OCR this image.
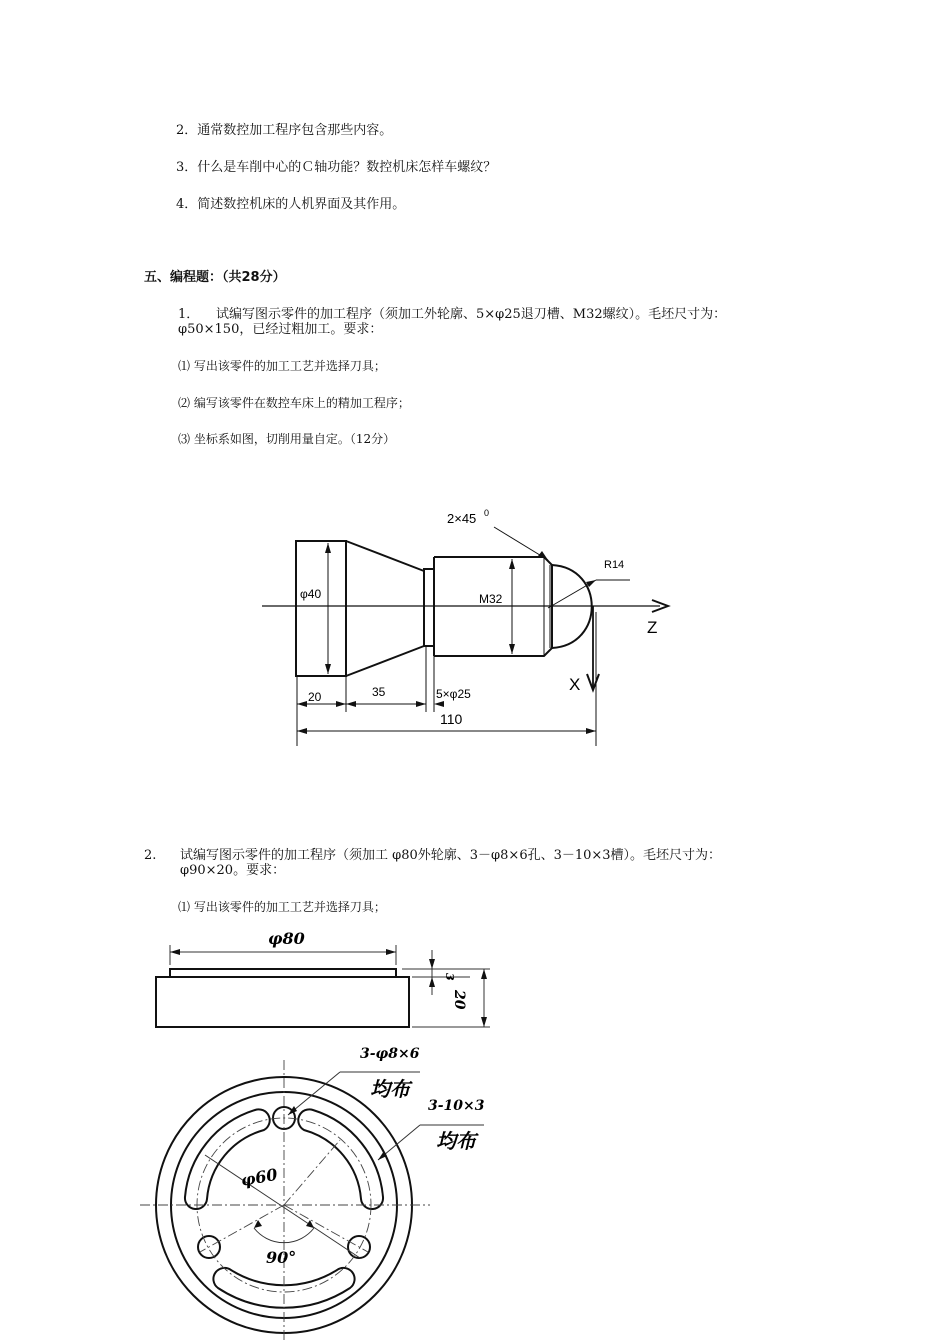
2．通常数控加工程序包含那些内容。
3．什么是车削中心的Ｃ轴功能？数控机床怎样车螺纹？
4．简述数控机床的人机界面及其作用。
五、编程题：（共28分）
1． 试编写图示零件的加工程序（须加工外轮廓、5×φ25退刀槽、M32螺纹）。毛坯尺寸为：
φ50×150，已经过粗加工。要求：
⑴ 写出该零件的加工工艺并选择刀具；
⑵ 编写该零件在数控车床上的精加工程序；
⑶ 坐标系如图，切削用量自定。（12分）
2×45 0
R14
φ40	M32
Z
X
20	35	5×φ25
110
2. 试编写图示零件的加工程序（须加工 φ80外轮廓、3－φ8×6孔、3－10×3槽）。毛坯尺寸为：
φ90×20。要求：
⑴ 写出该零件的加工工艺并选择刀具；
φ80
3
20
3-φ8×6
均布
3-10×3
均布
φ60
90°
